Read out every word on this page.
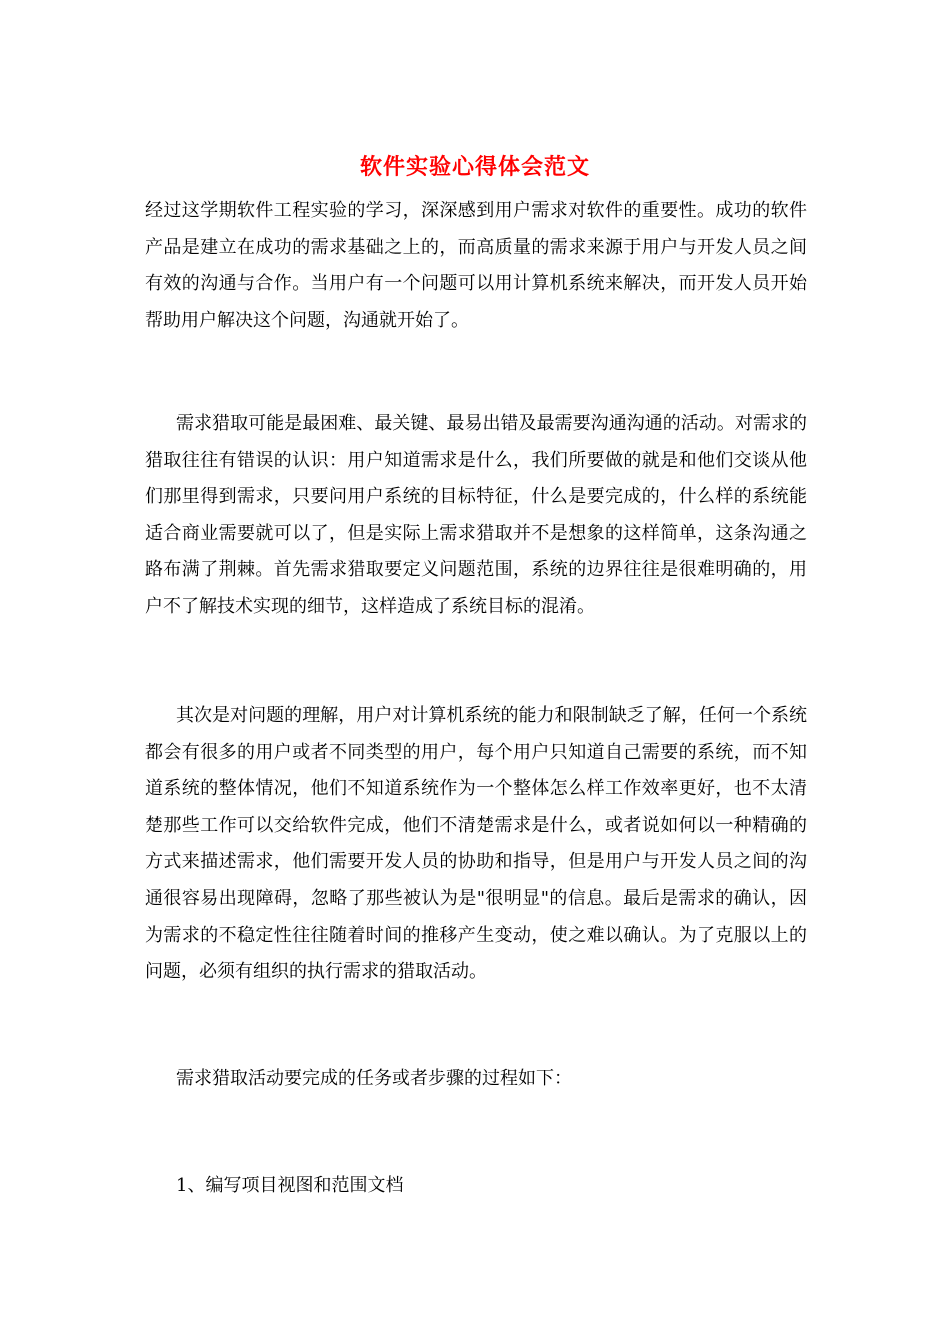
软件实验心得体会范文

经过这学期软件工程实验的学习，深深感到用户需求对软件的重要性。成功的软件产品是建立在成功的需求基础之上的，而高质量的需求来源于用户与开发人员之间有效的沟通与合作。当用户有一个问题可以用计算机系统来解决，而开发人员开始帮助用户解决这个问题，沟通就开始了。

需求猎取可能是最困难、最关键、最易出错及最需要沟通沟通的活动。对需求的猎取往往有错误的认识：用户知道需求是什么，我们所要做的就是和他们交谈从他们那里得到需求，只要问用户系统的目标特征，什么是要完成的，什么样的系统能适合商业需要就可以了，但是实际上需求猎取并不是想象的这样简单，这条沟通之路布满了荆棘。首先需求猎取要定义问题范围，系统的边界往往是很难明确的，用户不了解技术实现的细节，这样造成了系统目标的混淆。

其次是对问题的理解，用户对计算机系统的能力和限制缺乏了解，任何一个系统都会有很多的用户或者不同类型的用户，每个用户只知道自己需要的系统，而不知道系统的整体情况，他们不知道系统作为一个整体怎么样工作效率更好，也不太清楚那些工作可以交给软件完成，他们不清楚需求是什么，或者说如何以一种精确的方式来描述需求，他们需要开发人员的协助和指导，但是用户与开发人员之间的沟通很容易出现障碍，忽略了那些被认为是"很明显"的信息。最后是需求的确认，因为需求的不稳定性往往随着时间的推移产生变动，使之难以确认。为了克服以上的问题，必须有组织的执行需求的猎取活动。

需求猎取活动要完成的任务或者步骤的过程如下：

1、编写项目视图和范围文档
